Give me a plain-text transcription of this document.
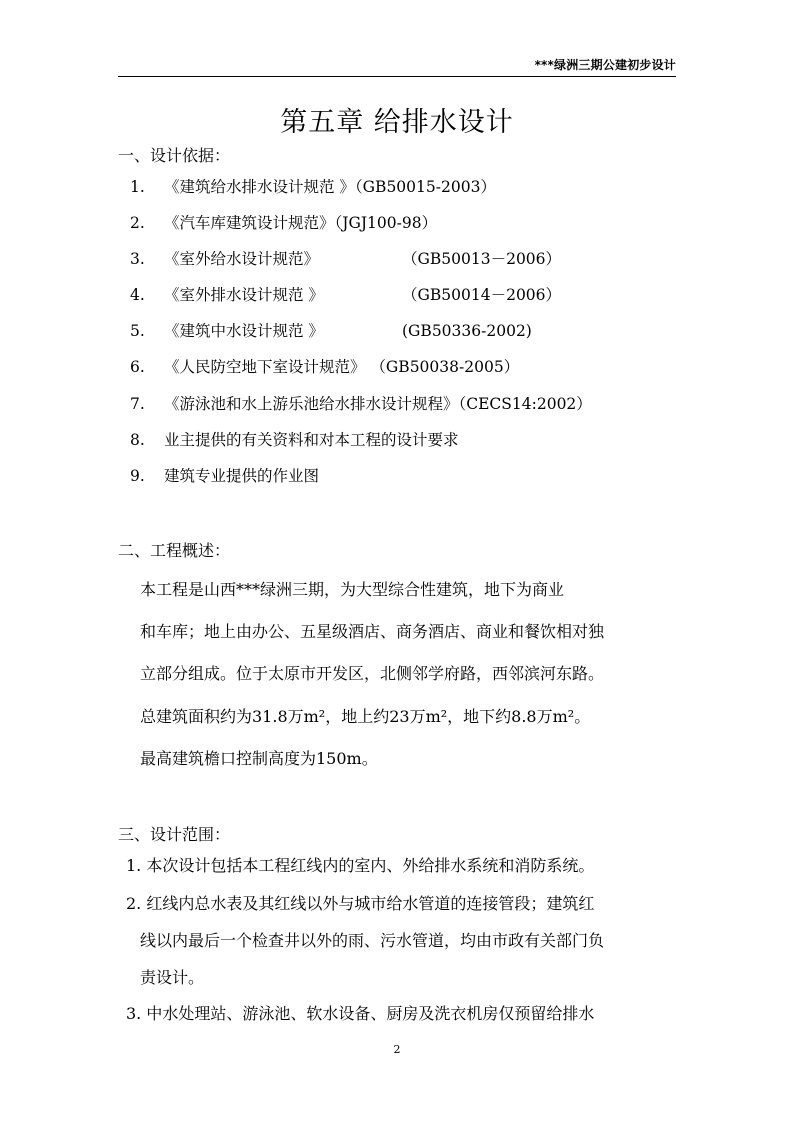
***绿洲三期公建初步设计
第五章 给排水设计
一、设计依据：
1. 《建筑给水排水设计规范 》（GB50015-2003）
2. 《汽车库建筑设计规范》（JGJ100-98）
3. 《室外给水设计规范》	（GB50013－2006）
4. 《室外排水设计规范 》	（GB50014－2006）
5. 《建筑中水设计规范 》	(GB50336-2002)
6. 《人民防空地下室设计规范》 （GB50038-2005）
7. 《游泳池和水上游乐池给水排水设计规程》（CECS14:2002）
8. 业主提供的有关资料和对本工程的设计要求
9. 建筑专业提供的作业图
二、工程概述：
本工程是山西***绿洲三期，为大型综合性建筑，地下为商业
和车库；地上由办公、五星级酒店、商务酒店、商业和餐饮相对独
立部分组成。位于太原市开发区，北侧邻学府路，西邻滨河东路。
总建筑面积约为31.8万m²，地上约23万m²，地下约8.8万m²。
最高建筑檐口控制高度为150m。
三、设计范围：
1. 本次设计包括本工程红线内的室内、外给排水系统和消防系统。
2. 红线内总水表及其红线以外与城市给水管道的连接管段；建筑红
线以内最后一个检查井以外的雨、污水管道，均由市政有关部门负
责设计。
3. 中水处理站、游泳池、软水设备、厨房及洗衣机房仅预留给排水
2
